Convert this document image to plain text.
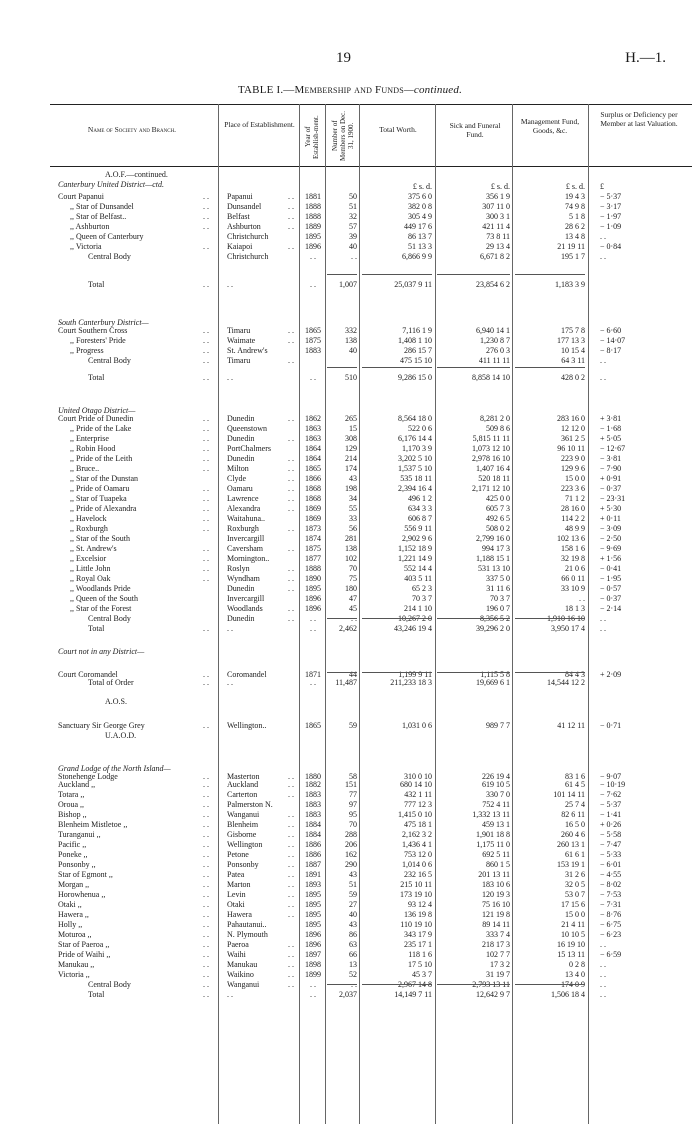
19	H.—1.
TABLE I.—Membership and Funds—continued.
Name of Society and Branch.
Place of Establishment.
Year of Establish-ment. Number of Members on Dec. 31, 1900.	Total Worth.	Sick and Funeral Fund.
Management Fund, Goods, &c.
Surplus or Deficiency per Member at last Valuation.
A.O.F.—continued.
Canterbury United District—ctd.
Court Papanui	. . Papanui	. .	1881	50	375 6 0	356 1 9	19 4 3 − 5·37
£ s. d.	£ s. d.	£ s. d. £
,, Star of Dunsandel	. . Dunsandel	. .	1888	51	382 0 8	307 11 0	74 9 8 − 3·17
,, Star of Belfast..	. . Belfast	. .	1888	32	305 4 9	300 3 1	5 1 8 − 1·97
,, Ashburton	. . Ashburton	. .	1889	57	449 17 6	421 11 4	28 6 2 − 1·09
,, Queen of Canterbury	Christchurch	1895	39	86 13 7	73 8 11	13 4 8 . .
,, Victoria	. . Kaiapoi	. .	1896	40	51 13 3	29 13 4	21 19 11 − 0·84
Central Body	Christchurch	. .	. .	6,866 9 9	6,671 8 2	195 1 7 . .
Total	. . . .	. .	1,007	25,037 9 11	23,854 6 2	1,183 3 9
South Canterbury District—
Court Southern Cross	. . Timaru	. .	1865	332	7,116 1 9	6,940 14 1	175 7 8 − 6·60
,, Foresters' Pride	. . Waimate	. .	1875	138	1,408 1 10	1,230 8 7	177 13 3 − 14·07
,, Progress	. . St. Andrew's	1883	40	286 15 7	276 0 3	10 15 4 − 8·17
Central Body	. . Timaru	. .	475 15 10	411 11 11	64 3 11 . .
Total	. . . .	. .	510	9,286 15 0	8,858 14 10	428 0 2 . .
United Otago District—
Court Pride of Dunedin	. . Dunedin	. .	1862	265	8,564 18 0	8,281 2 0	283 16 0 + 3·81
,, Pride of the Lake	. . Queenstown	1863	15	522 0 6	509 8 6	12 12 0 − 1·68
,, Enterprise	. . Dunedin	. .	1863	308	6,176 14 4	5,815 11 11	361 2 5 + 5·05
,, Robin Hood	. . PortChalmers	1864	129	1,170 3 9	1,073 12 10	96 10 11 − 12·67
,, Pride of the Leith	. . Dunedin	. .	1864	214	3,202 5 10	2,978 16 10	223 9 0 − 3·81
,, Bruce..	. . Milton	. .	1865	174	1,537 5 10	1,407 16 4	129 9 6 − 7·90
,, Star of the Dunstan	Clyde	. .	1866	43	535 18 11	520 18 11	15 0 0 + 0·91
,, Pride of Oamaru	. . Oamaru	. .	1868	198	2,394 16 4	2,171 12 10	223 3 6 − 0·37
,, Star of Tuapeka	. . Lawrence	. .	1868	34	496 1 2	425 0 0	71 1 2 − 23·31
,, Pride of Alexandra	. . Alexandra	. .	1869	55	634 3 3	605 7 3	28 16 0 + 5·30
,, Havelock	. . Waitahuna..	1869	33	606 8 7	492 6 5	114 2 2 + 0·11
,, Roxburgh	. . Roxburgh	. .	1873	56	556 9 11	508 0 2	48 9 9 − 3·09
,, Star of the South	Invercargill	1874	281	2,902 9 6	2,799 16 0	102 13 6 − 2·50
,, St. Andrew's	. . Caversham	. .	1875	138	1,152 18 9	994 17 3	158 1 6 − 9·69
,, Excelsior	. . Mornington..	1877	102	1,221 14 9	1,188 15 1	32 19 8 + 1·56
,, Little John	. . Roslyn	. .	1888	70	552 14 4	531 13 10	21 0 6 − 0·41
,, Royal Oak	. . Wyndham	. .	1890	75	403 5 11	337 5 0	66 0 11 − 1·95
,, Woodlands Pride	Dunedin	. .	1895	180	65 2 3	31 11 6	33 10 9 − 0·57
,, Queen of the South	Invercargill	1896	47	70 3 7	70 3 7	. . − 0·37
,, Star of the Forest	Woodlands	. .	1896	45	214 1 10	196 0 7	18 1 3 − 2·14
Central Body	Dunedin	. .	. .	. .	10,267 2 0	8,356 5 2	1,910 16 10 . .
Total	. . . .	. .	2,462	43,246 19 4	39,296 2 0	3,950 17 4 . .
Court not in any District—
Court Coromandel	. . Coromandel	1871	44	1,199 9 11	1,115 5 8	84 4 3 + 2·09
Total of Order	. . . .	. .	11,487	211,233 18 3	19,669 6 1	14,544 12 2
A.O.S.
Sanctuary Sir George Grey	. . Wellington..	1865	59	1,031 0 6	989 7 7	41 12 11 − 0·71
U.A.O.D.
Grand Lodge of the North Island—
Stonehenge Lodge	. . Masterton	. .	1880	58	310 0 10	226 19 4	83 1 6 − 9·07
Auckland ,,	. . Auckland	. .	1882	151	680 14 10	619 10 5	61 4 5 − 10·19
Totara ,,	. . Carterton	. .	1883	77	432 1 11	330 7 0	101 14 11 − 7·62
Oroua ,,	. . Palmerston N.	1883	97	777 12 3	752 4 11	25 7 4 − 5·37
Bishop ,,	. . Wanganui	. .	1883	95	1,415 0 10	1,332 13 11	82 6 11 − 1·41
Blenheim Mistletoe ,,	. . Blenheim	. .	1884	70	475 18 1	459 13 1	16 5 0 + 0·26
Turanganui ,,	. . Gisborne	. .	1884	288	2,162 3 2	1,901 18 8	260 4 6 − 5·58
Pacific ,,	. . Wellington	. .	1886	206	1,436 4 1	1,175 11 0	260 13 1 − 7·47
Poneke ,,	. . Petone	. .	1886	162	753 12 0	692 5 11	61 6 1 − 5·33
Ponsonby ,,	. . Ponsonby	. .	1887	290	1,014 0 6	860 1 5	153 19 1 − 6·01
Star of Egmont ,,	. . Patea	. .	1891	43	232 16 5	201 13 11	31 2 6 − 4·55
Morgan ,,	. . Marton	. .	1893	51	215 10 11	183 10 6	32 0 5 − 8·02
Horowhenua ,,	. . Levin	. .	1895	59	173 19 10	120 19 3	53 0 7 − 7·53
Otaki ,,	. . Otaki	. .	1895	27	93 12 4	75 16 10	17 15 6 − 7·31
Hawera ,,	. . Hawera	. .	1895	40	136 19 8	121 19 8	15 0 0 − 8·76
Holly ,,	. . Pahautanui..	1895	43	110 19 10	89 14 11	21 4 11 − 6·75
Moturoa ,,	. . N. Plymouth	1896	86	343 17 9	333 7 4	10 10 5 − 6·23
Star of Paeroa ,,	. . Paeroa	. .	1896	63	235 17 1	218 17 3	16 19 10 . .
Pride of Waihi ,,	. . Waihi	. .	1897	66	118 1 6	102 7 7	15 13 11 − 6·59
Manukau ,,	. . Manukau	. .	1898	13	17 5 10	17 3 2	0 2 8 . .
Victoria ,,	. . Waikino	. .	1899	52	45 3 7	31 19 7	13 4 0 . .
Central Body	. . Wanganui	. .	. .	. .	2,967 14 8	2,793 13 11	174 0 9 . .
Total	. . . .	. .	2,037	14,149 7 11	12,642 9 7	1,506 18 4 . .
